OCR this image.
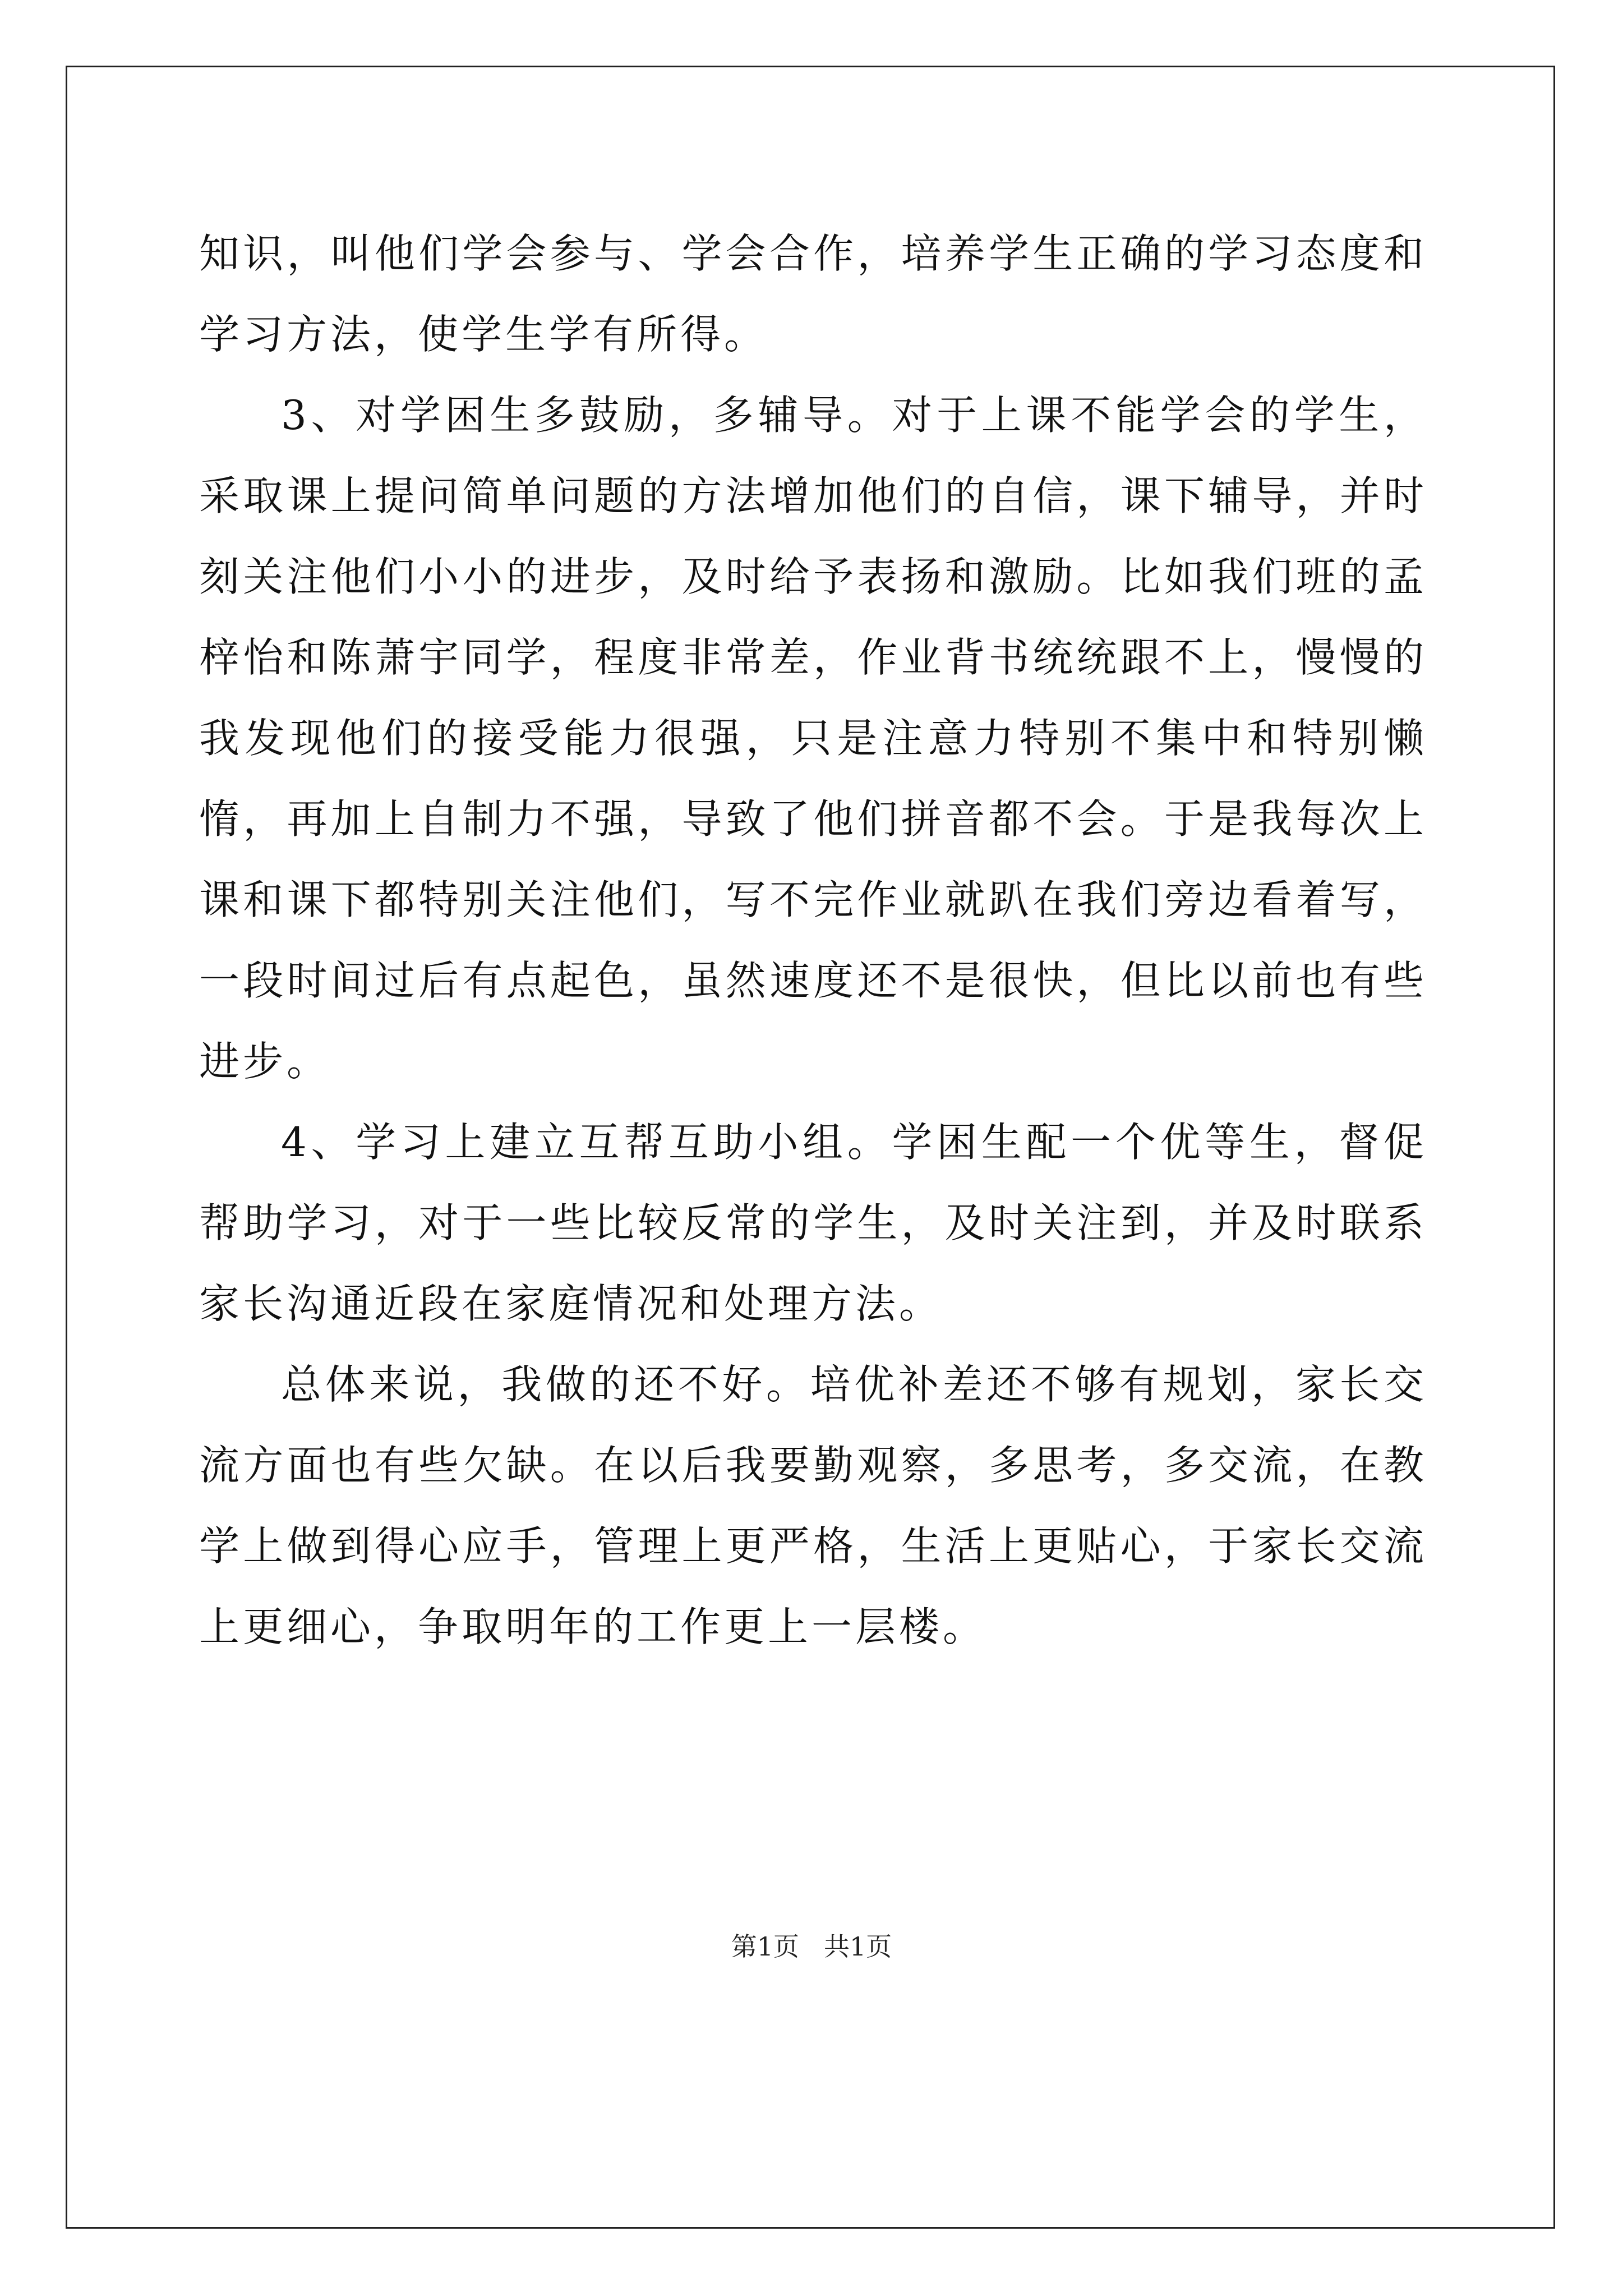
知识，叫他们学会参与、学会合作，培养学生正确的学习态度和学习方法，使学生学有所得。

3、对学困生多鼓励，多辅导。对于上课不能学会的学生，采取课上提问简单问题的方法增加他们的自信，课下辅导，并时刻关注他们小小的进步，及时给予表扬和激励。比如我们班的孟梓怡和陈萧宇同学，程度非常差，作业背书统统跟不上，慢慢的我发现他们的接受能力很强，只是注意力特别不集中和特别懒惰，再加上自制力不强，导致了他们拼音都不会。于是我每次上课和课下都特别关注他们，写不完作业就趴在我们旁边看着写，一段时间过后有点起色，虽然速度还不是很快，但比以前也有些进步。

4、学习上建立互帮互助小组。学困生配一个优等生，督促帮助学习，对于一些比较反常的学生，及时关注到，并及时联系家长沟通近段在家庭情况和处理方法。

总体来说，我做的还不好。培优补差还不够有规划，家长交流方面也有些欠缺。在以后我要勤观察，多思考，多交流，在教学上做到得心应手，管理上更严格，生活上更贴心，于家长交流上更细心，争取明年的工作更上一层楼。

第1页 共1页
